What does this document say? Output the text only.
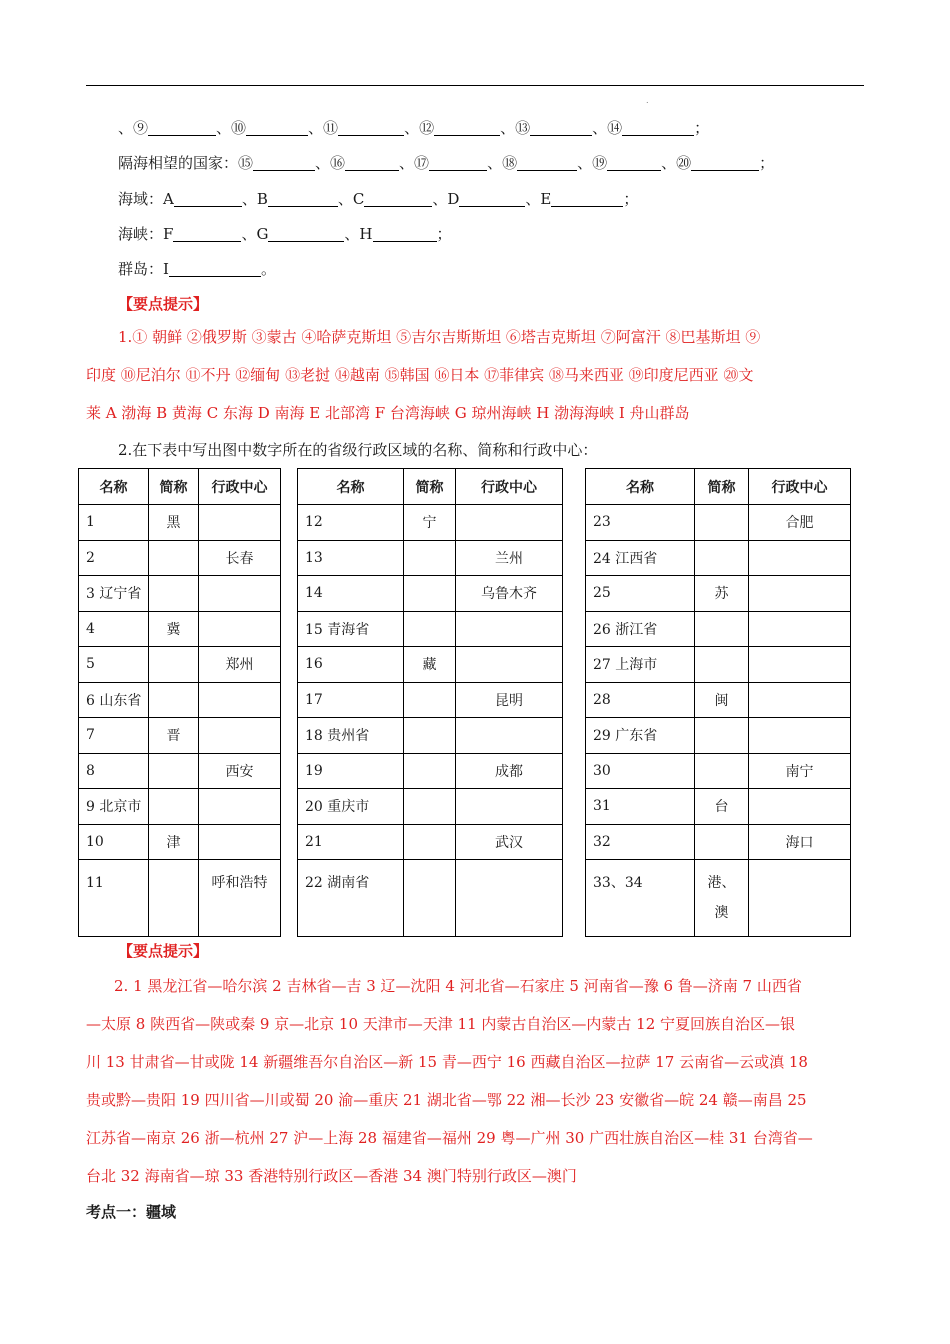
.
、⑨	、⑩	、⑪	、⑫	、⑬	、⑭	；
隔海相望的国家：⑮	、⑯	、⑰	、⑱	、⑲	、⑳	；
海域：A	、B	、C	、D	、E	；
海峡：F	、G	、H	；
群岛：I	。
【要点提示】
1.① 朝鲜 ②俄罗斯 ③蒙古 ④哈萨克斯坦 ⑤吉尔吉斯斯坦 ⑥塔吉克斯坦 ⑦阿富汗 ⑧巴基斯坦 ⑨
印度 ⑩尼泊尔 ⑪不丹 ⑫缅甸 ⑬老挝 ⑭越南 ⑮韩国 ⑯日本 ⑰菲律宾 ⑱马来西亚 ⑲印度尼西亚 ⑳文
莱 A 渤海 B 黄海 C 东海 D 南海 E 北部湾 F 台湾海峡 G 琼州海峡 H 渤海海峡 I 舟山群岛
2.在下表中写出图中数字所在的省级行政区域的名称、简称和行政中心：
名称	简称	行政中心
1	黑	
2		长春
3 辽宁省		
4	冀	
5		郑州
6 山东省		
7	晋	
8		西安
9 北京市		
10	津	
11		呼和浩特
名称	简称	行政中心
12	宁	
13		兰州
14		乌鲁木齐
15 青海省		
16	藏	
17		昆明
18 贵州省		
19		成都
20 重庆市		
21		武汉
22 湖南省		
名称	简称	行政中心
23		合肥
24 江西省		
25	苏	
26 浙江省		
27 上海市		
28	闽	
29 广东省		
30		南宁
31	台	
32		海口
33、34	港、澳	
【要点提示】
2. 1 黑龙江省—哈尔滨 2 吉林省—吉 3 辽—沈阳 4 河北省—石家庄 5 河南省—豫 6 鲁—济南 7 山西省
—太原 8 陕西省—陕或秦 9 京—北京 10 天津市—天津 11 内蒙古自治区—内蒙古 12 宁夏回族自治区—银
川 13 甘肃省—甘或陇 14 新疆维吾尔自治区—新 15 青—西宁 16 西藏自治区—拉萨 17 云南省—云或滇 18
贵或黔—贵阳 19 四川省—川或蜀 20 渝—重庆 21 湖北省—鄂 22 湘—长沙 23 安徽省—皖 24 赣—南昌 25
江苏省—南京 26 浙—杭州 27 沪—上海 28 福建省—福州 29 粤—广州 30 广西壮族自治区—桂 31 台湾省—
台北 32 海南省—琼 33 香港特别行政区—香港 34 澳门特别行政区—澳门
考点一：疆域
